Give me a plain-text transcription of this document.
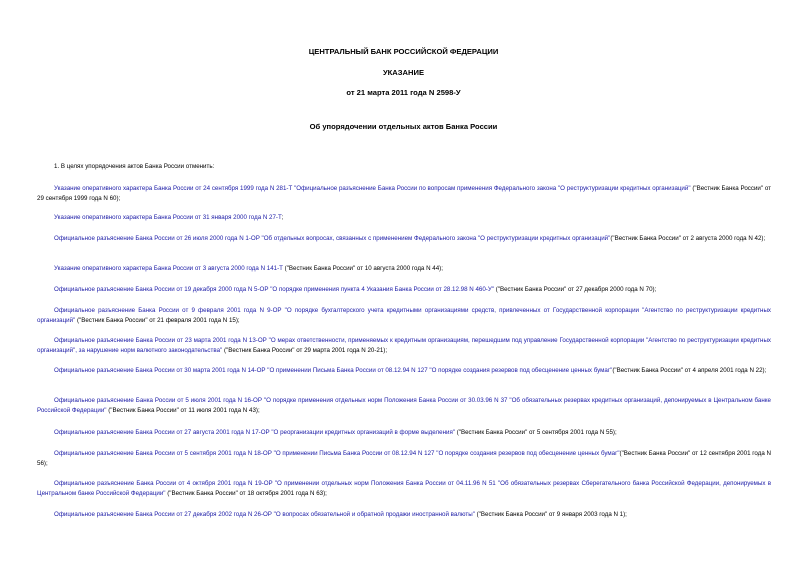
ЦЕНТРАЛЬНЫЙ БАНК РОССИЙСКОЙ ФЕДЕРАЦИИ
УКАЗАНИЕ
от 21 марта 2011 года N 2598-У
Об упорядочении отдельных актов Банка России
1. В целях упорядочения актов Банка России отменить:

Указание оперативного характера Банка России от 24 сентября 1999 года N 281-Т "Официальное разъяснение Банка России по вопросам применения Федерального закона "О реструктуризации кредитных организаций" ("Вестник Банка России" от 29 сентября 1999 года N 60);

Указание оперативного характера Банка России от 31 января 2000 года N 27-Т;

Официальное разъяснение Банка России от 26 июля 2000 года N 1-ОР "Об отдельных вопросах, связанных с применением Федерального закона "О реструктуризации кредитных организаций"("Вестник Банка России" от 2 августа 2000 года N 42);

Указание оперативного характера Банка России от 3 августа 2000 года N 141-Т ("Вестник Банка России" от 10 августа 2000 года N 44);

Официальное разъяснение Банка России от 19 декабря 2000 года N 5-ОР "О порядке применения пункта 4 Указания Банка России от 28.12.98 N 460-У" ("Вестник Банка России" от 27 декабря 2000 года N 70);

Официальное разъяснение Банка России от 9 февраля 2001 года N 9-ОР "О порядке бухгалтерского учета кредитными организациями средств, привлеченных от Государственной корпорации "Агентство по реструктуризации кредитных организаций" ("Вестник Банка России" от 21 февраля 2001 года N 15);

Официальное разъяснение Банка России от 23 марта 2001 года N 13-ОР "О мерах ответственности, применяемых к кредитным организациям, перешедшим под управление Государственной корпорации "Агентство по реструктуризации кредитных организаций", за нарушение норм валютного законодательства" ("Вестник Банка России" от 29 марта 2001 года N 20-21);

Официальное разъяснение Банка России от 30 марта 2001 года N 14-ОР "О применении Письма Банка России от 08.12.94 N 127 "О порядке создания резервов под обесценение ценных бумаг"("Вестник Банка России" от 4 апреля 2001 года N 22);

Официальное разъяснение Банка России от 5 июля 2001 года N 16-ОР "О порядке применения отдельных норм Положения Банка России от 30.03.96 N 37 "Об обязательных резервах кредитных организаций, депонируемых в Центральном банке Российской Федерации" ("Вестник Банка России" от 11 июля 2001 года N 43);

Официальное разъяснение Банка России от 27 августа 2001 года N 17-ОР "О реорганизации кредитных организаций в форме выделения" ("Вестник Банка России" от 5 сентября 2001 года N 55);

Официальное разъяснение Банка России от 5 сентября 2001 года N 18-ОР "О применении Письма Банка России от 08.12.94 N 127 "О порядке создания резервов под обесценение ценных бумаг"("Вестник Банка России" от 12 сентября 2001 года N 56);

Официальное разъяснение Банка России от 4 октября 2001 года N 19-ОР "О применении отдельных норм Положения Банка России от 04.11.96 N 51 "Об обязательных резервах Сберегательного банка Российской Федерации, депонируемых в Центральном банке Российской Федерации" ("Вестник Банка России" от 18 октября 2001 года N 63);

Официальное разъяснение Банка России от 27 декабря 2002 года N 26-ОР "О вопросах обязательной и обратной продажи иностранной валюты" ("Вестник Банка России" от 9 января 2003 года N 1);
